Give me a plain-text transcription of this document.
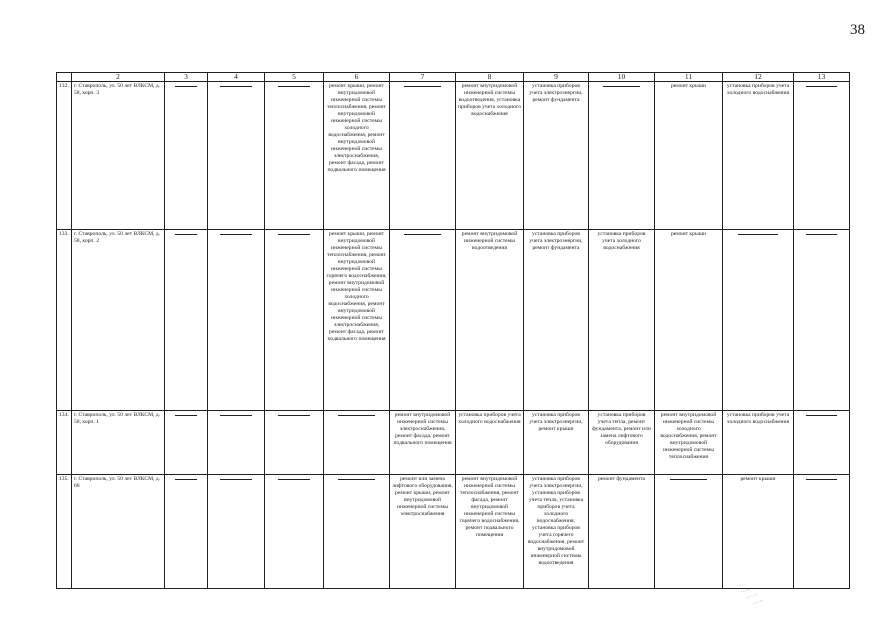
38
	2	3	4	5	6	7	8	9	10	11	12	13
132.	г. Ставрополь, ул. 50 лет ВЛКСМ, д. 58, корп. 3				ремонт крыши, ремонт внутридомовой инженерной системы теплоснабжения, ремонт внутридомовой инженерной системы холодного водоснабжения, ремонт внутридомовой инженерной системы электроснабжения, ремонт фасада, ремонт подвального помещения		ремонт внутридомовой инженерной системы водоотведения, установка приборов учета холодного водоснабжения	установка приборов учета электроэнергии, ремонт фундамента		ремонт крыши	установка приборов учета холодного водоснабжения	

133.	г. Ставрополь, ул. 50 лет ВЛКСМ, д. 58, корп. 2				ремонт крыши, ремонт внутридомовой инженерной системы теплоснабжения, ремонт внутридомовой инженерной системы горячего водоснабжения, ремонт внутридомовой инженерной системы холодного водоснабжения, ремонт внутридомовой инженерной системы электроснабжения, ремонт фасада, ремонт подвального помещения		ремонт внутридомовой инженерной системы водоотведения	установка приборов учета электроэнергии, ремонт фундамента	установка приборов учета холодного водоснабжения	ремонт крыши	

134.	г. Ставрополь, ул. 50 лет ВЛКСМ, д. 58, корп. 1					ремонт внутридомовой инженерной системы электроснабжения, ремонт фасада, ремонт подвального помещения	установка приборов учета холодного водоснабжения	установка приборов учета электроэнергии, ремонт крыши	установка приборов учета тепла, ремонт фундамента, ремонт или замена лифтового оборудования	ремонт внутридомовой инженерной системы холодного водоснабжения, ремонт внутридомовой инженерной системы теплоснабжения	установка приборов учета холодного водоснабжения	

135.	г. Ставрополь, ул. 50 лет ВЛКСМ, д. 60					ремонт или замена лифтового оборудования, ремонт крыши, ремонт внутридомовой инженерной системы электроснабжения	ремонт внутридомовой инженерной системы теплоснабжения, ремонт фасада, ремонт внутридомовой инженерной системы горячего водоснабжения, ремонт подвального помещения	установка приборов учета электроэнергии, установка приборов учета тепла, установка приборов учета холодного водоснабжения, установка приборов учета горячего водоснабжения, ремонт внутридомовой инженерной системы водоотведения	ремонт фундамента		ремонт крыши	
